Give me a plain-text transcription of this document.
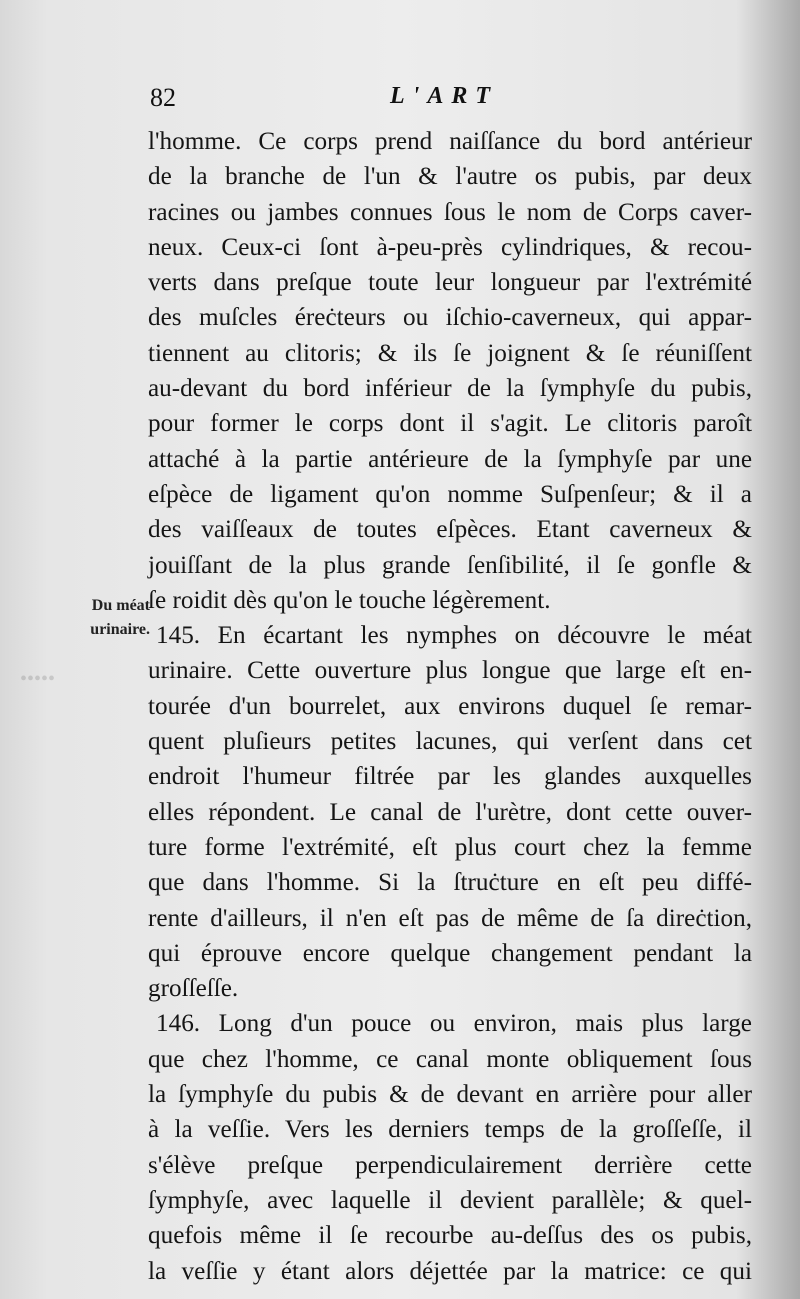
•••••
82	L'ART
Du méat
urinaire.
l'homme. Ce corps prend naiſſance du bord antérieur
de la branche de l'un & l'autre os pubis, par deux
racines ou jambes connues ſous le nom de Corps caver-
neux. Ceux-ci ſont à-peu-près cylindriques, & recou-
verts dans preſque toute leur longueur par l'extrémité
des muſcles éreċteurs ou iſchio-caverneux, qui appar-
tiennent au clitoris; & ils ſe joignent & ſe réuniſſent
au-devant du bord inférieur de la ſymphyſe du pubis,
pour former le corps dont il s'agit. Le clitoris paroît
attaché à la partie antérieure de la ſymphyſe par une
eſpèce de ligament qu'on nomme Suſpenſeur; & il a
des vaiſſeaux de toutes eſpèces. Etant caverneux &
jouiſſant de la plus grande ſenſibilité, il ſe gonfle &
ſe roidit dès qu'on le touche légèrement.
145. En écartant les nymphes on découvre le méat
urinaire. Cette ouverture plus longue que large eſt en-
tourée d'un bourrelet, aux environs duquel ſe remar-
quent pluſieurs petites lacunes, qui verſent dans cet
endroit l'humeur filtrée par les glandes auxquelles
elles répondent. Le canal de l'urètre, dont cette ouver-
ture forme l'extrémité, eſt plus court chez la femme
que dans l'homme. Si la ſtruċture en eſt peu diffé-
rente d'ailleurs, il n'en eſt pas de même de ſa direċtion,
qui éprouve encore quelque changement pendant la
groſſeſſe.
146. Long d'un pouce ou environ, mais plus large
que chez l'homme, ce canal monte obliquement ſous
la ſymphyſe du pubis & de devant en arrière pour aller
à la veſſie. Vers les derniers temps de la groſſeſſe, il
s'élève preſque perpendiculairement derrière cette
ſymphyſe, avec laquelle il devient parallèle; & quel-
quefois même il ſe recourbe au-deſſus des os pubis,
la veſſie y étant alors déjettée par la matrice: ce qui
